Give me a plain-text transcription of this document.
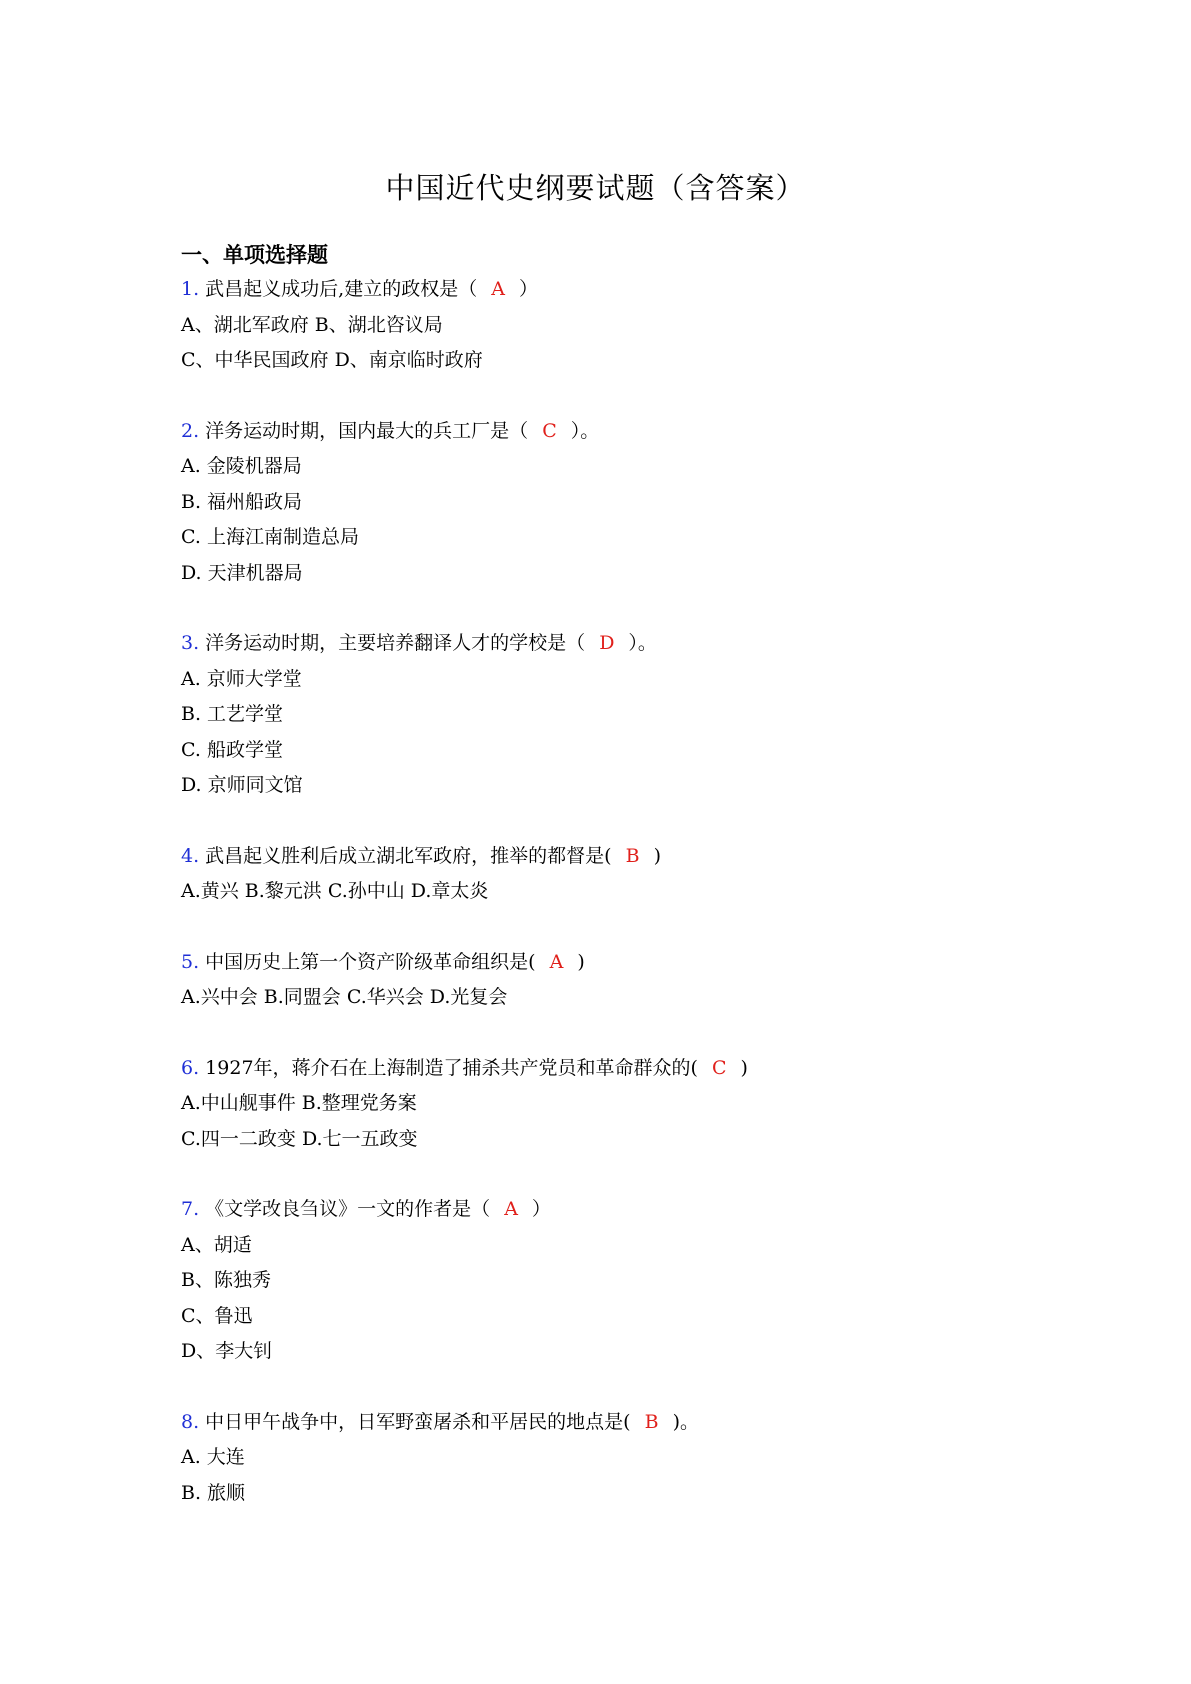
中国近代史纲要试题（含答案）
一、单项选择题
1. 武昌起义成功后,建立的政权是（ A ）
A、湖北军政府 B、湖北咨议局
C、中华民国政府 D、南京临时政府
2. 洋务运动时期，国内最大的兵工厂是（ C ）。
A. 金陵机器局
B. 福州船政局
C. 上海江南制造总局
D. 天津机器局
3. 洋务运动时期，主要培养翻译人才的学校是（ D ）。
A. 京师大学堂
B. 工艺学堂
C. 船政学堂
D. 京师同文馆
4. 武昌起义胜利后成立湖北军政府，推举的都督是( B )
A.黄兴 B.黎元洪 C.孙中山 D.章太炎
5. 中国历史上第一个资产阶级革命组织是( A )
A.兴中会 B.同盟会 C.华兴会 D.光复会
6. 1927年，蒋介石在上海制造了捕杀共产党员和革命群众的( C )
A.中山舰事件 B.整理党务案
C.四一二政变 D.七一五政变
7. 《文学改良刍议》一文的作者是（ A ）
A、胡适
B、陈独秀
C、鲁迅
D、李大钊
8. 中日甲午战争中，日军野蛮屠杀和平居民的地点是( B )。
A. 大连
B. 旅顺
